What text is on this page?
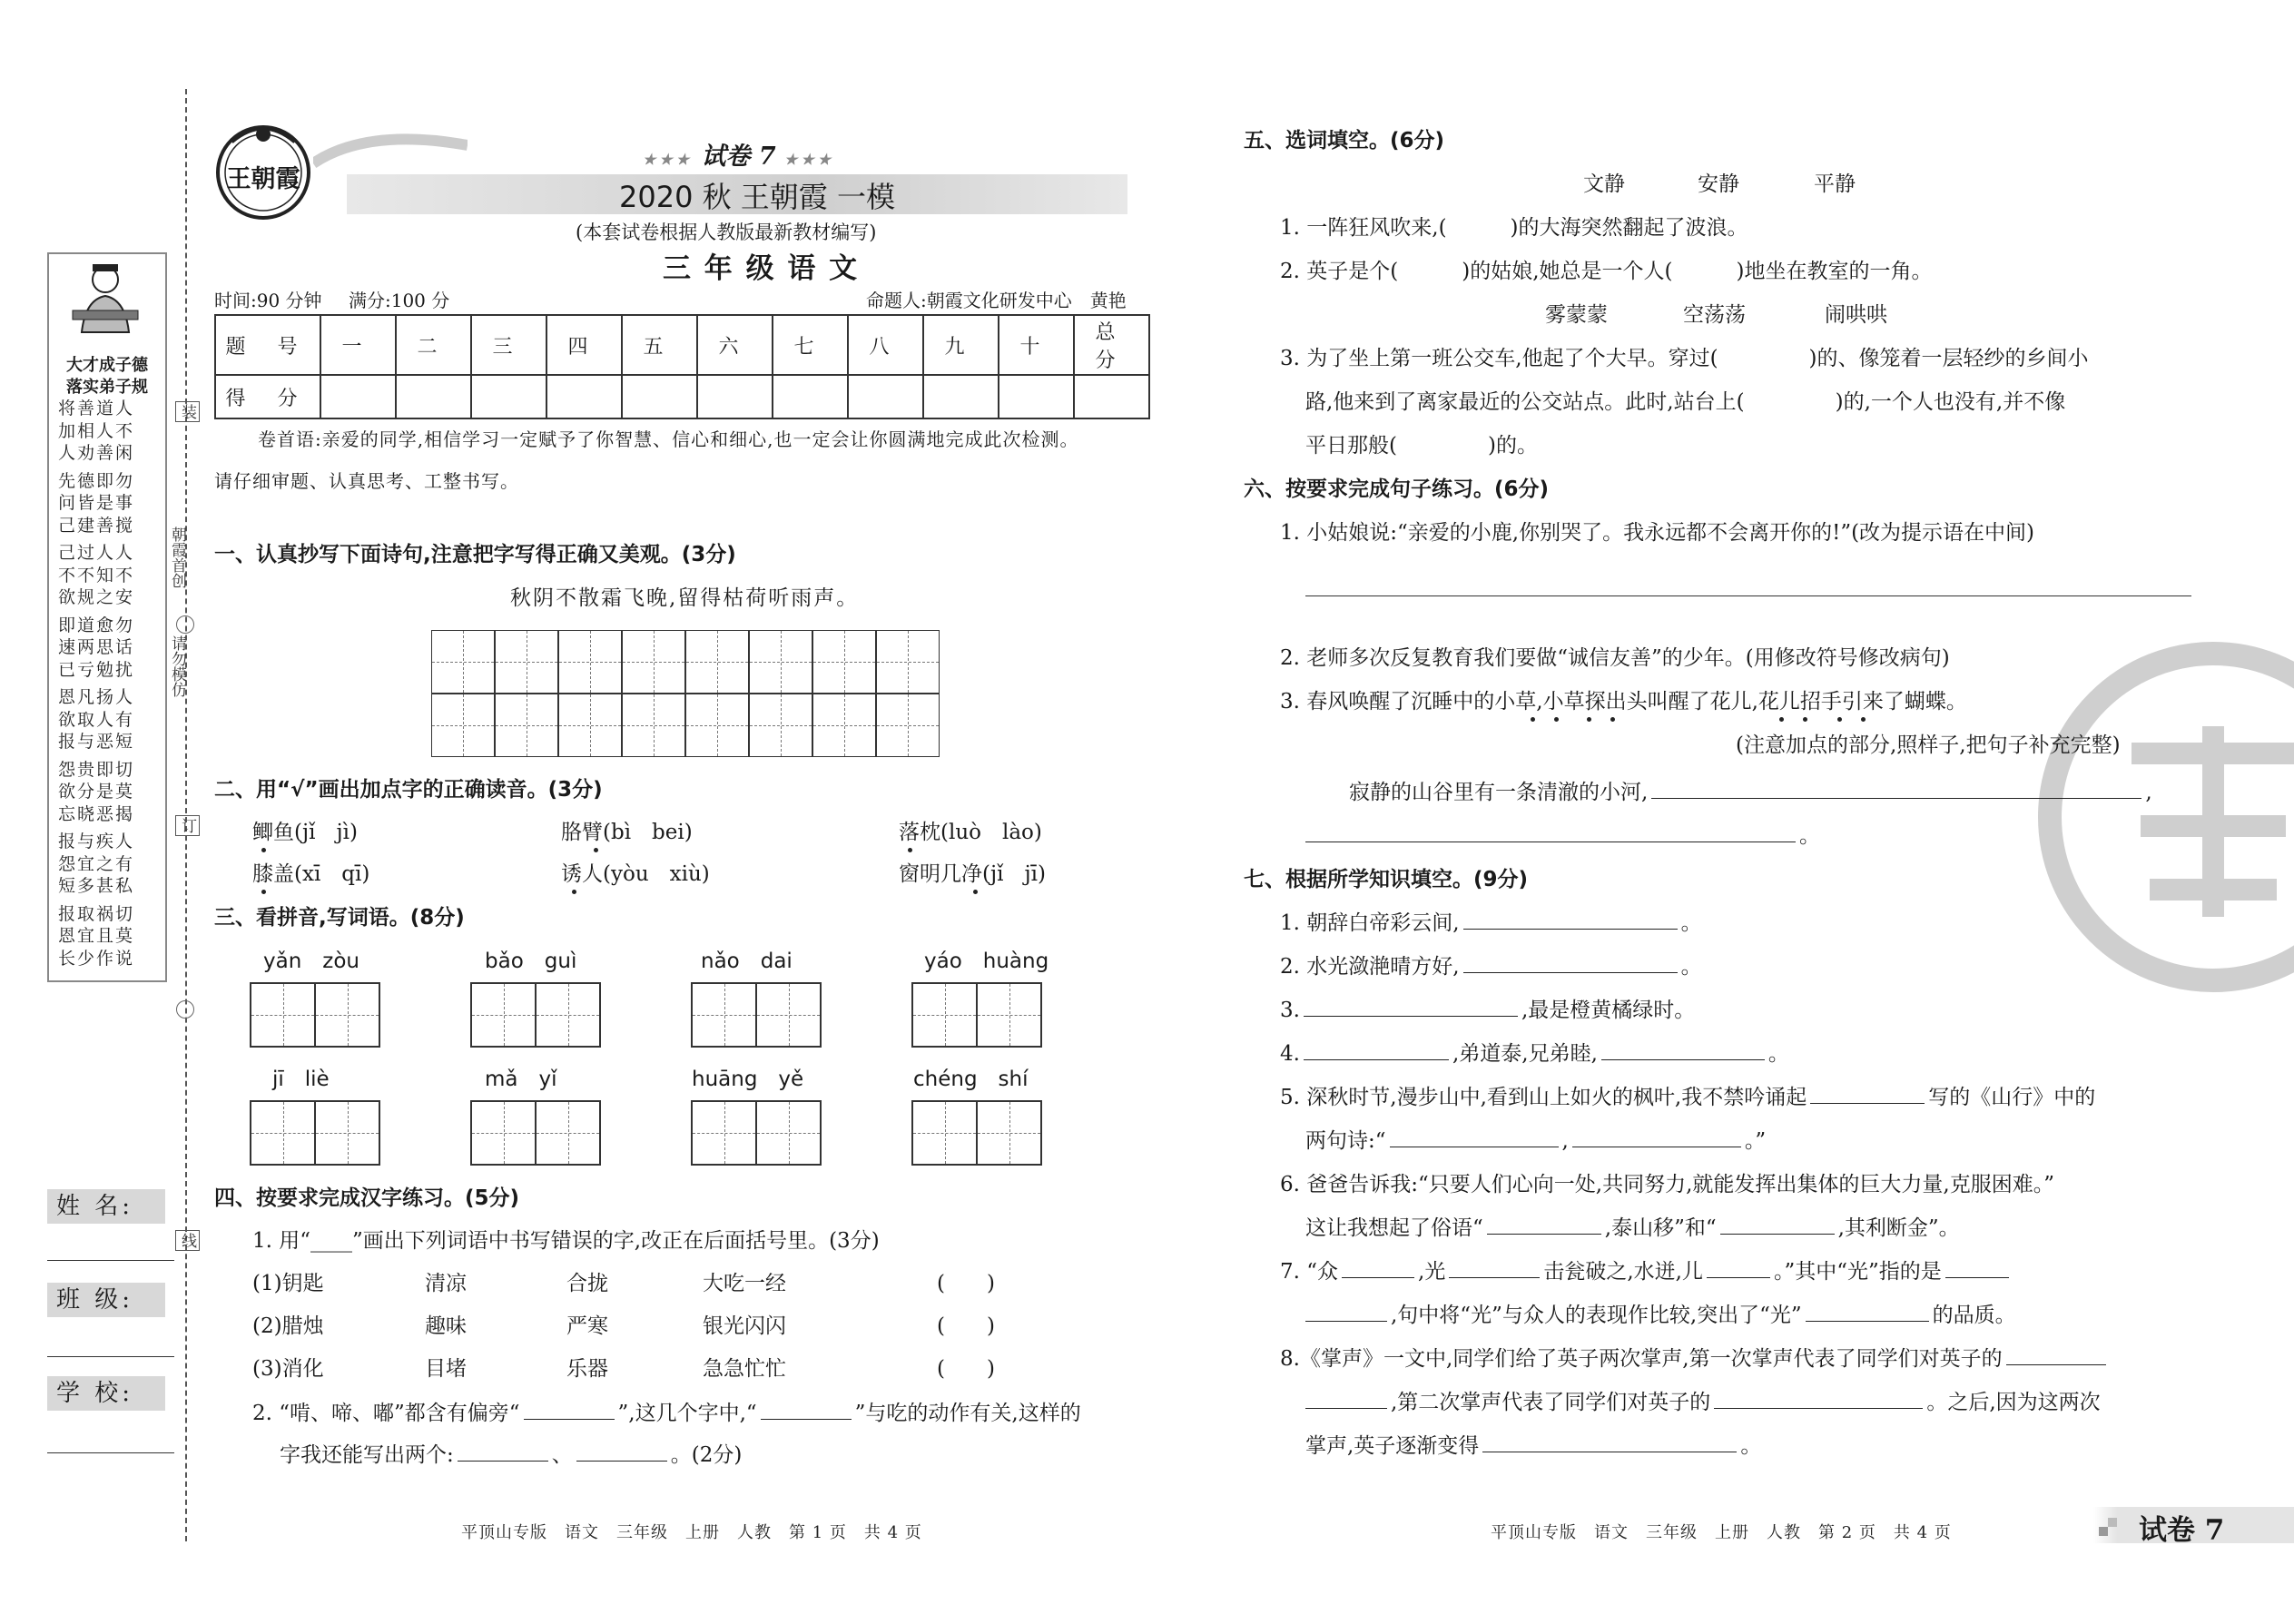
朝霞首创
请勿模仿
装
订
线
大才成子德
落实弟子规
将善道人
加相人不
人劝善闲
先德即勿
问皆是事
己建善搅
己过人人
不不知不
欲规之安
即道愈勿
速两思话
已亏勉扰
恩凡扬人
欲取人有
报与恶短
怨贵即切
欲分是莫
忘晓恶揭
报与疾人
怨宜之有
短多甚私
报取祸切
恩宜且莫
长少作说
姓 名:
班 级:
学 校:
王朝霞
★★★ 试卷 7 ★★★
2020 秋 王朝霞 一模
(本套试卷根据人教版最新教材编写)
三 年 级 语 文
时间:90 分钟 满分:100 分	命题人:朝霞文化研发中心　黄艳
题 号	一	二	三	四	五	六	七	八	九	十	总 分
得 分											
卷首语:亲爱的同学,相信学习一定赋予了你智慧、信心和细心,也一定会让你圆满地完成此次检测。
请仔细审题、认真思考、工整书写。
一、认真抄写下面诗句,注意把字写得正确又美观。(3分)
秋阴不散霜飞晚,留得枯荷听雨声。
二、用“√”画出加点字的正确读音。(3分)
鲫鱼(jǐ　jì)	胳臂(bì　bei)	落枕(luò　lào)
膝盖(xī　qī)	诱人(yòu　xiù)	窗明几净(jǐ　jī)
三、看拼音,写词语。(8分)
yǎn　zòu	bǎo　guì	nǎo　dai	yáo　huàng
jī　liè	mǎ　yǐ	huāng　yě	chéng　shí
四、按要求完成汉字练习。(5分)
1. 用“____”画出下列词语中书写错误的字,改正在后面括号里。(3分)
(1)钥匙	清凉	合拢	大吃一经	(　　)
(2)腊烛	趣味	严寒	银光闪闪	(　　)
(3)消化	目堵	乐器	急急忙忙	(　　)
2. “啃、啼、嘟”都含有偏旁“	”,这几个字中,“	”与吃的动作有关,这样的
字我还能写出两个:	、	。(2分)
平顶山专版　语文　三年级　上册　人教　第 1 页　共 4 页
五、选词填空。(6分)
文静	安静	平静
1. 一阵狂风吹来,(	)的大海突然翻起了波浪。
2. 英子是个(	)的姑娘,她总是一个人(	)地坐在教室的一角。
雾蒙蒙	空荡荡	闹哄哄
3. 为了坐上第一班公交车,他起了个大早。穿过(	)的、像笼着一层轻纱的乡间小
路,他来到了离家最近的公交站点。此时,站台上(	)的,一个人也没有,并不像
平日那般(	)的。
六、按要求完成句子练习。(6分)
1. 小姑娘说:“亲爱的小鹿,你别哭了。我永远都不会离开你的!”(改为提示语在中间)
2. 老师多次反复教育我们要做“诚信友善”的少年。(用修改符号修改病句)
3. 春风唤醒了沉睡中的小草,小草探出头叫醒了花儿,花儿招手引来了蝴蝶。
(注意加点的部分,照样子,把句子补充完整)
寂静的山谷里有一条清澈的小河,	,
。
七、根据所学知识填空。(9分)
1. 朝辞白帝彩云间,	。
2. 水光潋滟晴方好,	。
3.	,最是橙黄橘绿时。
4.	,弟道泰,兄弟睦,	。
5. 深秋时节,漫步山中,看到山上如火的枫叶,我不禁吟诵起	写的《山行》中的
两句诗:“	,	。”
6. 爸爸告诉我:“只要人们心向一处,共同努力,就能发挥出集体的巨大力量,克服困难。”
这让我想起了俗语“	,泰山移”和“	,其利断金”。
7. “众	,光	击瓮破之,水迸,儿	。”其中“光”指的是
,句中将“光”与众人的表现作比较,突出了“光”	的品质。
8.《掌声》一文中,同学们给了英子两次掌声,第一次掌声代表了同学们对英子的
,第二次掌声代表了同学们对英子的	。之后,因为这两次
掌声,英子逐渐变得	。
平顶山专版　语文　三年级　上册　人教　第 2 页　共 4 页	试卷 7
